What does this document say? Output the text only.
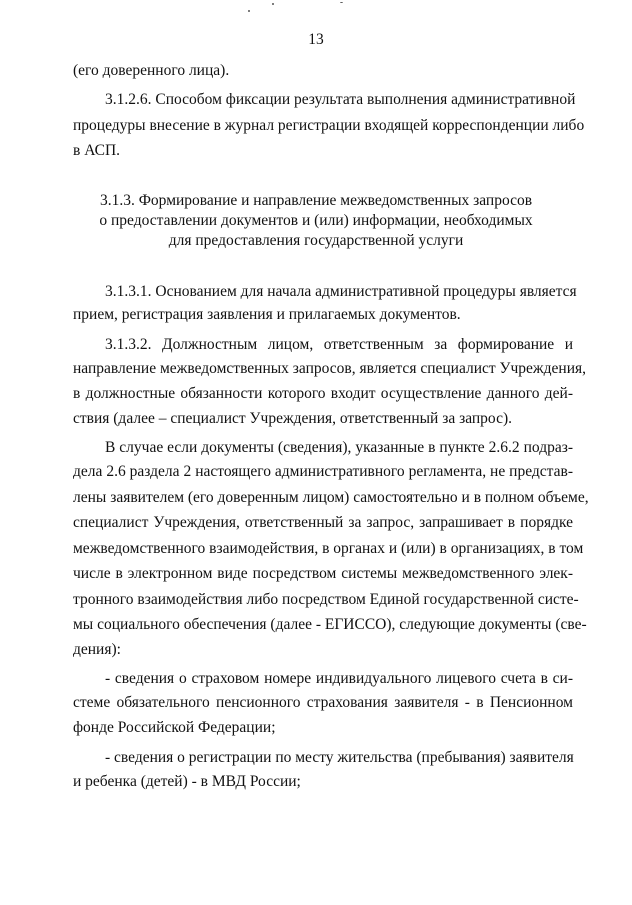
13
(его доверенного лица).
3.1.2.6. Способом фиксации результата выполнения административной
процедуры внесение в журнал регистрации входящей корреспонденции либо
в АСП.
3.1.3. Формирование и направление межведомственных запросов
о предоставлении документов и (или) информации, необходимых
для предоставления государственной услуги
3.1.3.1. Основанием для начала административной процедуры является
прием, регистрация заявления и прилагаемых документов.
3.1.3.2. Должностным лицом, ответственным за формирование и
направление межведомственных запросов, является специалист Учреждения,
в должностные обязанности которого входит осуществление данного дей-
ствия (далее – специалист Учреждения, ответственный за запрос).
В случае если документы (сведения), указанные в пункте 2.6.2 подраз-
дела 2.6 раздела 2 настоящего административного регламента, не представ-
лены заявителем (его доверенным лицом) самостоятельно и в полном объеме,
специалист Учреждения, ответственный за запрос, запрашивает в порядке
межведомственного взаимодействия, в органах и (или) в организациях, в том
числе в электронном виде посредством системы межведомственного элек-
тронного взаимодействия либо посредством Единой государственной систе-
мы социального обеспечения (далее - ЕГИССО), следующие документы (све-
дения):
- сведения о страховом номере индивидуального лицевого счета в си-
стеме обязательного пенсионного страхования заявителя - в Пенсионном
фонде Российской Федерации;
- сведения о регистрации по месту жительства (пребывания) заявителя
и ребенка (детей) - в МВД России;
